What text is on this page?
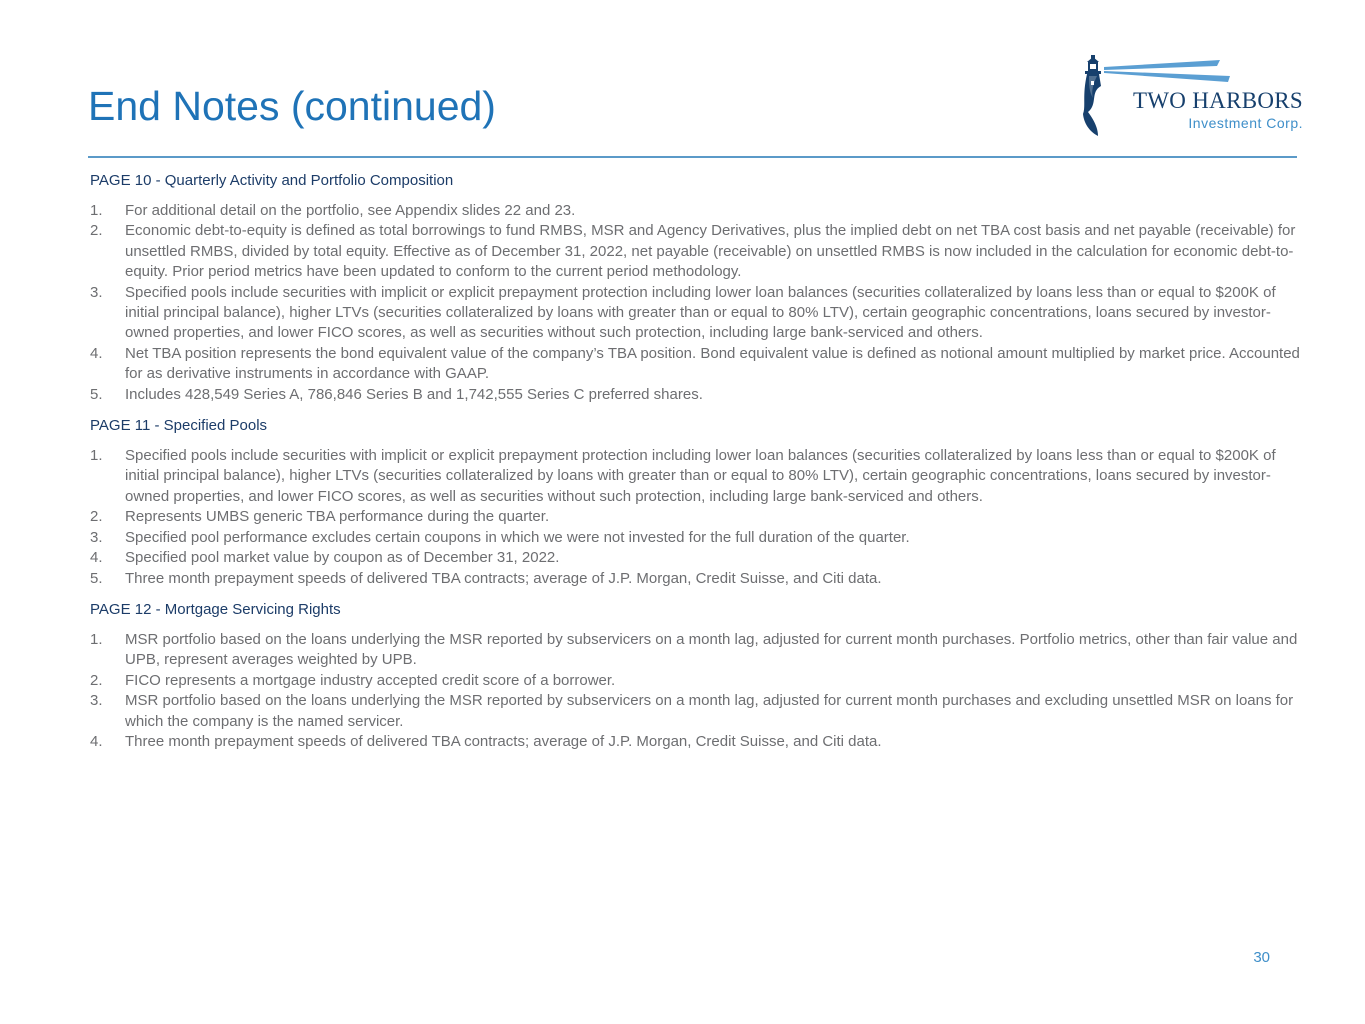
End Notes (continued)	TWO HARBORS
Investment Corp.
PAGE 10 - Quarterly Activity and Portfolio Composition
1. For additional detail on the portfolio, see Appendix slides 22 and 23.
2. Economic debt-to-equity is defined as total borrowings to fund RMBS, MSR and Agency Derivatives, plus the implied debt on net TBA cost basis and net payable (receivable) for unsettled RMBS, divided by total equity. Effective as of December 31, 2022, net payable (receivable) on unsettled RMBS is now included in the calculation for economic debt-to-equity. Prior period metrics have been updated to conform to the current period methodology.
3. Specified pools include securities with implicit or explicit prepayment protection including lower loan balances (securities collateralized by loans less than or equal to $200K of initial principal balance), higher LTVs (securities collateralized by loans with greater than or equal to 80% LTV), certain geographic concentrations, loans secured by investor-owned properties, and lower FICO scores, as well as securities without such protection, including large bank-serviced and others.
4. Net TBA position represents the bond equivalent value of the company’s TBA position. Bond equivalent value is defined as notional amount multiplied by market price. Accounted for as derivative instruments in accordance with GAAP.
5. Includes 428,549 Series A, 786,846 Series B and 1,742,555 Series C preferred shares.
PAGE 11 - Specified Pools
1. Specified pools include securities with implicit or explicit prepayment protection including lower loan balances (securities collateralized by loans less than or equal to $200K of initial principal balance), higher LTVs (securities collateralized by loans with greater than or equal to 80% LTV), certain geographic concentrations, loans secured by investor-owned properties, and lower FICO scores, as well as securities without such protection, including large bank-serviced and others.
2. Represents UMBS generic TBA performance during the quarter.
3. Specified pool performance excludes certain coupons in which we were not invested for the full duration of the quarter.
4. Specified pool market value by coupon as of December 31, 2022.
5. Three month prepayment speeds of delivered TBA contracts; average of J.P. Morgan, Credit Suisse, and Citi data.
PAGE 12 - Mortgage Servicing Rights
1. MSR portfolio based on the loans underlying the MSR reported by subservicers on a month lag, adjusted for current month purchases. Portfolio metrics, other than fair value and UPB, represent averages weighted by UPB.
2. FICO represents a mortgage industry accepted credit score of a borrower.
3. MSR portfolio based on the loans underlying the MSR reported by subservicers on a month lag, adjusted for current month purchases and excluding unsettled MSR on loans for which the company is the named servicer.
4. Three month prepayment speeds of delivered TBA contracts; average of J.P. Morgan, Credit Suisse, and Citi data.
30
